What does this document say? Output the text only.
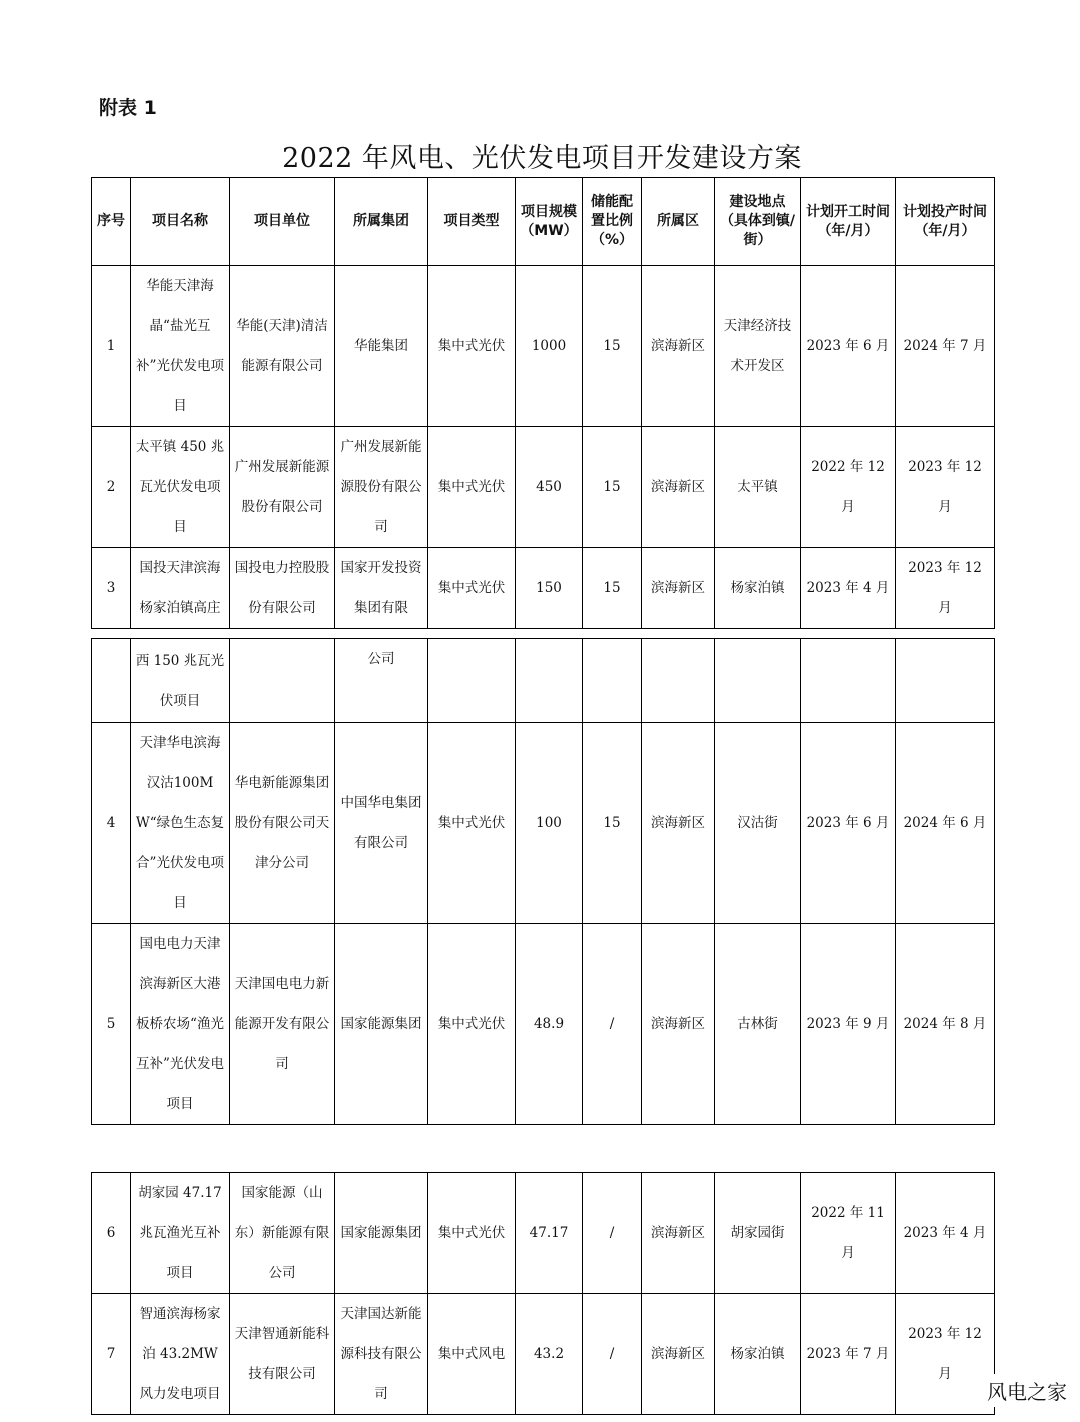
附表 1
2022 年风电、光伏发电项目开发建设方案
序号	项目名称	项目单位	所属集团	项目类型	项目规模（MW）	储能配置比例（%）	所属区	建设地点（具体到镇/街）	计划开工时间（年/月）	计划投产时间（年/月）
1	华能天津海晶“盐光互补”光伏发电项目	华能(天津)清洁能源有限公司	华能集团	集中式光伏	1000	15	滨海新区	天津经济技术开发区	2023 年 6 月	2024 年 7 月
2	太平镇 450 兆瓦光伏发电项目	广州发展新能源股份有限公司	广州发展新能源股份有限公司	集中式光伏	450	15	滨海新区	太平镇	2022 年 12 月	2023 年 12 月
3	国投天津滨海杨家泊镇高庄	国投电力控股股份有限公司	国家开发投资集团有限	集中式光伏	150	15	滨海新区	杨家泊镇	2023 年 4 月	2023 年 12 月
	西 150 兆瓦光伏项目		公司							
4	天津华电滨海汉沽100MW“绿色生态复合”光伏发电项目	华电新能源集团股份有限公司天津分公司	中国华电集团有限公司	集中式光伏	100	15	滨海新区	汉沽街	2023 年 6 月	2024 年 6 月
5	国电电力天津滨海新区大港板桥农场“渔光互补”光伏发电项目	天津国电电力新能源开发有限公司	国家能源集团	集中式光伏	48.9	/	滨海新区	古林街	2023 年 9 月	2024 年 8 月
6	胡家园 47.17 兆瓦渔光互补项目	国家能源（山东）新能源有限公司	国家能源集团	集中式光伏	47.17	/	滨海新区	胡家园街	2022 年 11 月	2023 年 4 月
7	智通滨海杨家泊 43.2MW 风力发电项目	天津智通新能科技有限公司	天津国达新能源科技有限公司	集中式风电	43.2	/	滨海新区	杨家泊镇	2023 年 7 月	2023 年 12 月
风电之家
